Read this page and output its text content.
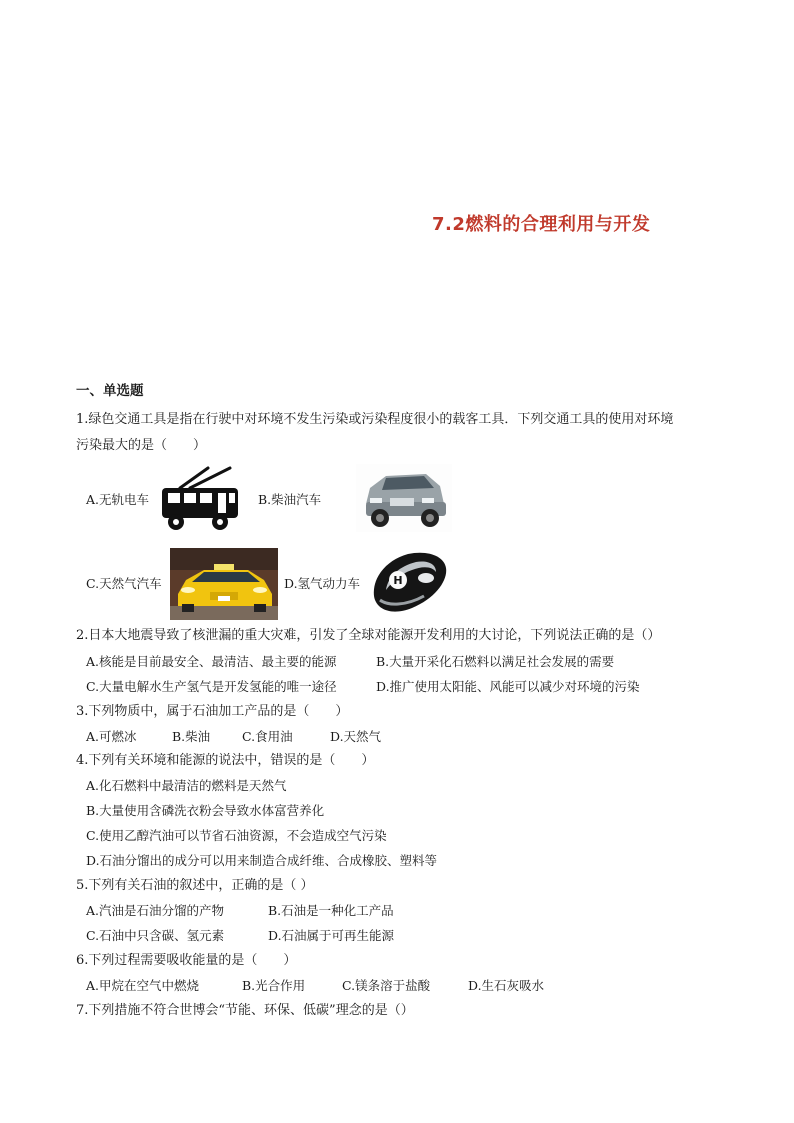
7.2燃料的合理利用与开发
一、单选题
1.绿色交通工具是指在行驶中对环境不发生污染或污染程度很小的载客工具．下列交通工具的使用对环境
污染最大的是（　　）
A.无轨电车	B.柴油汽车
C.天然气汽车	D.氢气动力车	H
2.日本大地震导致了核泄漏的重大灾难，引发了全球对能源开发利用的大讨论，下列说法正确的是（）
A.核能是目前最安全、最清洁、最主要的能源	B.大量开采化石燃料以满足社会发展的需要
C.大量电解水生产氢气是开发氢能的唯一途径	D.推广使用太阳能、风能可以减少对环境的污染
3.下列物质中，属于石油加工产品的是（　　）
A.可燃冰	B.柴油	C.食用油	D.天然气
4.下列有关环境和能源的说法中，错误的是（　　）
A.化石燃料中最清洁的燃料是天然气
B.大量使用含磷洗衣粉会导致水体富营养化
C.使用乙醇汽油可以节省石油资源，不会造成空气污染
D.石油分馏出的成分可以用来制造合成纤维、合成橡胶、塑料等
5.下列有关石油的叙述中，正确的是（ ）
A.汽油是石油分馏的产物	B.石油是一种化工产品
C.石油中只含碳、氢元素	D.石油属于可再生能源
6.下列过程需要吸收能量的是（　　）
A.甲烷在空气中燃烧	B.光合作用	C.镁条溶于盐酸	D.生石灰吸水
7.下列措施不符合世博会“节能、环保、低碳”理念的是（）
